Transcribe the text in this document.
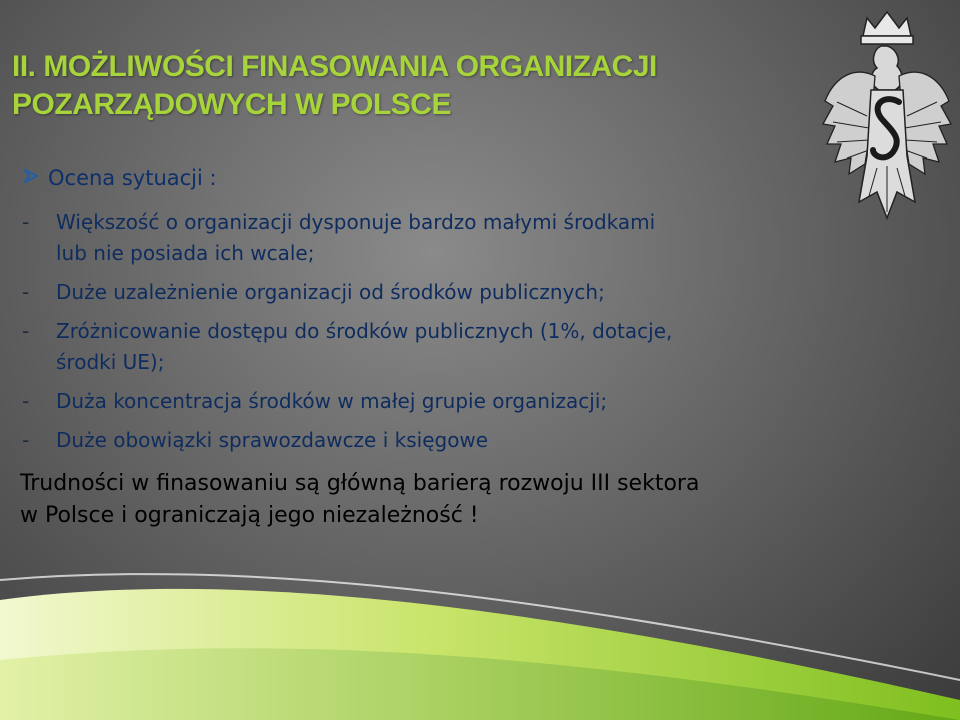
II. MOŻLIWOŚCI FINASOWANIA ORGANIZACJI
POZARZĄDOWYCH W POLSCE
Ocena sytuacji :
-	Większość o organizacji dysponuje bardzo małymi środkami
lub nie posiada ich wcale;
-	Duże uzależnienie organizacji od środków publicznych;
-	Zróżnicowanie dostępu do środków publicznych (1%, dotacje,
środki UE);
-	Duża koncentracja środków w małej grupie organizacji;
-	Duże obowiązki sprawozdawcze i księgowe
Trudności w finasowaniu są główną barierą rozwoju III sektora
w Polsce i ograniczają jego niezależność !
